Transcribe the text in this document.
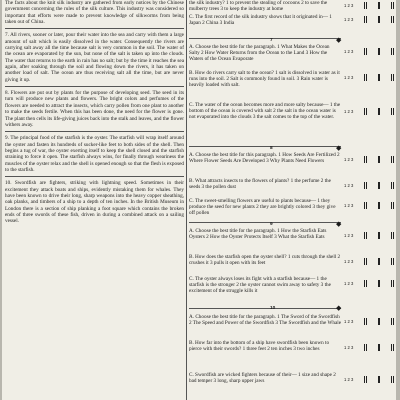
The facts about the knit silk industry are gathered from early notices by the Chinese government concerning the rules of the silk culture. This industry was considered so important that efforts were made to prevent knowledge of silkworms from being taken out of China.

7. All rivers, sooner or later, pour their water into the sea and carry with them a large amount of salt which is easily dissolved in the water. Consequently the rivers are carrying salt away all the time because salt is very common in the soil. The water of the ocean are evaporated by the sun, but none of the salt is taken up into the clouds. The water that returns to the earth in rain has no salt; but by the time it reaches the sea again, after soaking through the soil and flowing down the rivers, it has taken on another load of salt. The ocean are thus receiving salt all the time, but are never giving it up.

8. Flowers are put out by plants for the purpose of developing seed. The seed in its turn will produce new plants and flowers. The bright colors and perfumes of the flowers are needed to attract the insects, which carry pollen from one plant to another to make the seeds fertile. When this has been done, the need for the flower is gone. The plant then cells its life-giving juices back into the stalk and leaves, and the flower withers away.

9. The principal food of the starfish is the oyster. The starfish will wrap itself around the oyster and fasten its hundreds of sucker-like feet to both sides of the shell. Then begins a tug of war, the oyster exerting itself to keep the shell closed and the starfish straining to force it open. The starfish always wins, for finally through weariness the muscles of the oyster relax and the shell is opened enough so that the flesh is exposed to the starfish.

10. Swordfish are fighters, striking with lightning speed. Sometimes in their excitement they attack boats and ships, evidently mistaking them for whales. They have been known to drive their long, sharp weapons into the heavy copper sheathing, oak planks, and timbers of a ship to a depth of ten inches. In the British Museum in London there is a section of ship planking a foot square which contains the broken ends of three swords of these fish, driven in during a combined attack on a sailing vessel.

the silk industry? 1 to prevent the stealing of cocoons 2 to save the mulberry trees 3 to keep the industry at home
C. The first record of the silk industry shows that it originated in— 1 Japan 2 China 3 India
A. Choose the best title for the paragraph. 1 What Makes the Ocean Salty 2 How Water Returns from the Ocean to the Land 3 How the Waters of the Ocean Evaporate
B. How do rivers carry salt to the ocean? 1 salt is dissolved in water as it runs into the soil. 2 Salt is commonly found in soil. 3 Rain water is heavily loaded with salt.
C. The water of the ocean becomes more and more salty because— 1 the bottom of the ocean is covered with salt 2 the salt in the ocean water is not evaporated into the clouds 3 the salt comes to the top of the water.
A. Choose the best title for this paragraph. 1 How Seeds Are Fertilized 2 Where Flower Seeds Are Developed 3 Why Plants Need Flowers
B. What attracts insects to the flowers of plants? 1 the perfume 2 the seeds 3 the pollen dust
C. The sweet-smelling flowers are useful to plants because— 1 they produce the seed for new plants 2 they are brightly colored 3 they give off pollen
A. Choose the best title for the paragraph. 1 How the Starfish Eats Oysters 2 How the Oyster Protects Itself 3 What the Starfish Eats
B. How does the starfish open the oyster shell? 1 cuts through the shell 2 crushes it 3 pulls it open with its feet
C. The oyster always loses its fight with a starfish because— 1 the starfish is the stronger 2 the oyster cannot swim away to safety 3 the excitement of the struggle kills it
A. Choose the best title for the paragraph. 1 The Sword of the Swordfish 2 The Speed and Power of the Swordfish 3 The Swordfish and the Whale
B. How far into the bottom of a ship have swordfish been known to pierce with their swords? 1 three feet 2 ten inches 3 two inches
C. Swordfish are wicked fighters because of their— 1 size and shape 2 bad temper 3 long, sharp upper jaws
7	◆
8	◆
9	◆
10	◆
1 2 3
1 2 3
1 2 3
1 2 3
1 2 3
1 2 3
1 2 3
1 2 3
1 2 3
1 2 3
1 2 3
1 2 3
1 2 3
1 2 3
